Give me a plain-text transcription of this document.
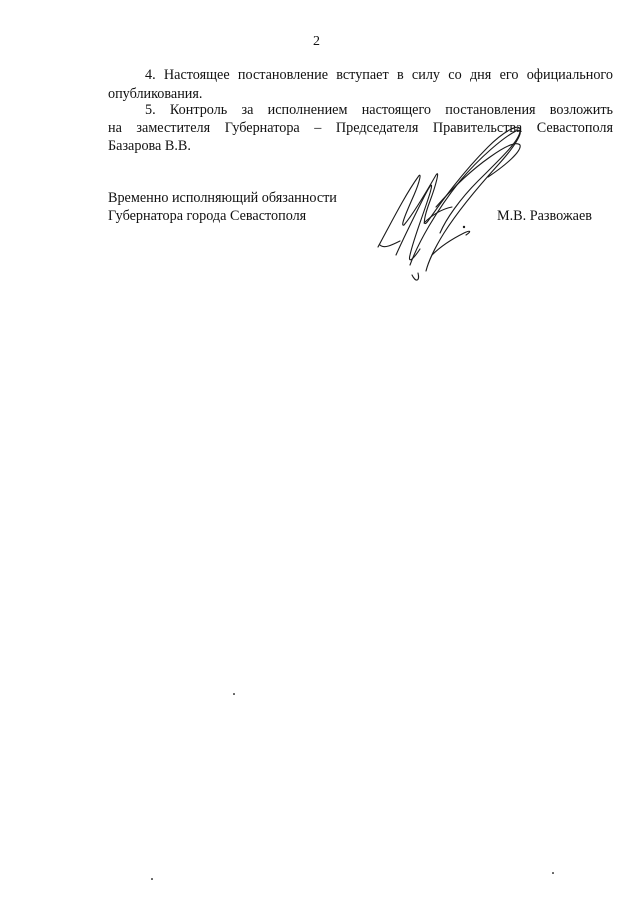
2
4. Настоящее постановление вступает в силу со дня его официального
опубликования.
5. Контроль за исполнением настоящего постановления возложить
на заместителя Губернатора – Председателя Правительства Севастополя
Базарова В.В.
Временно исполняющий обязанности
Губернатора города Севастополя	М.В. Развожаев
